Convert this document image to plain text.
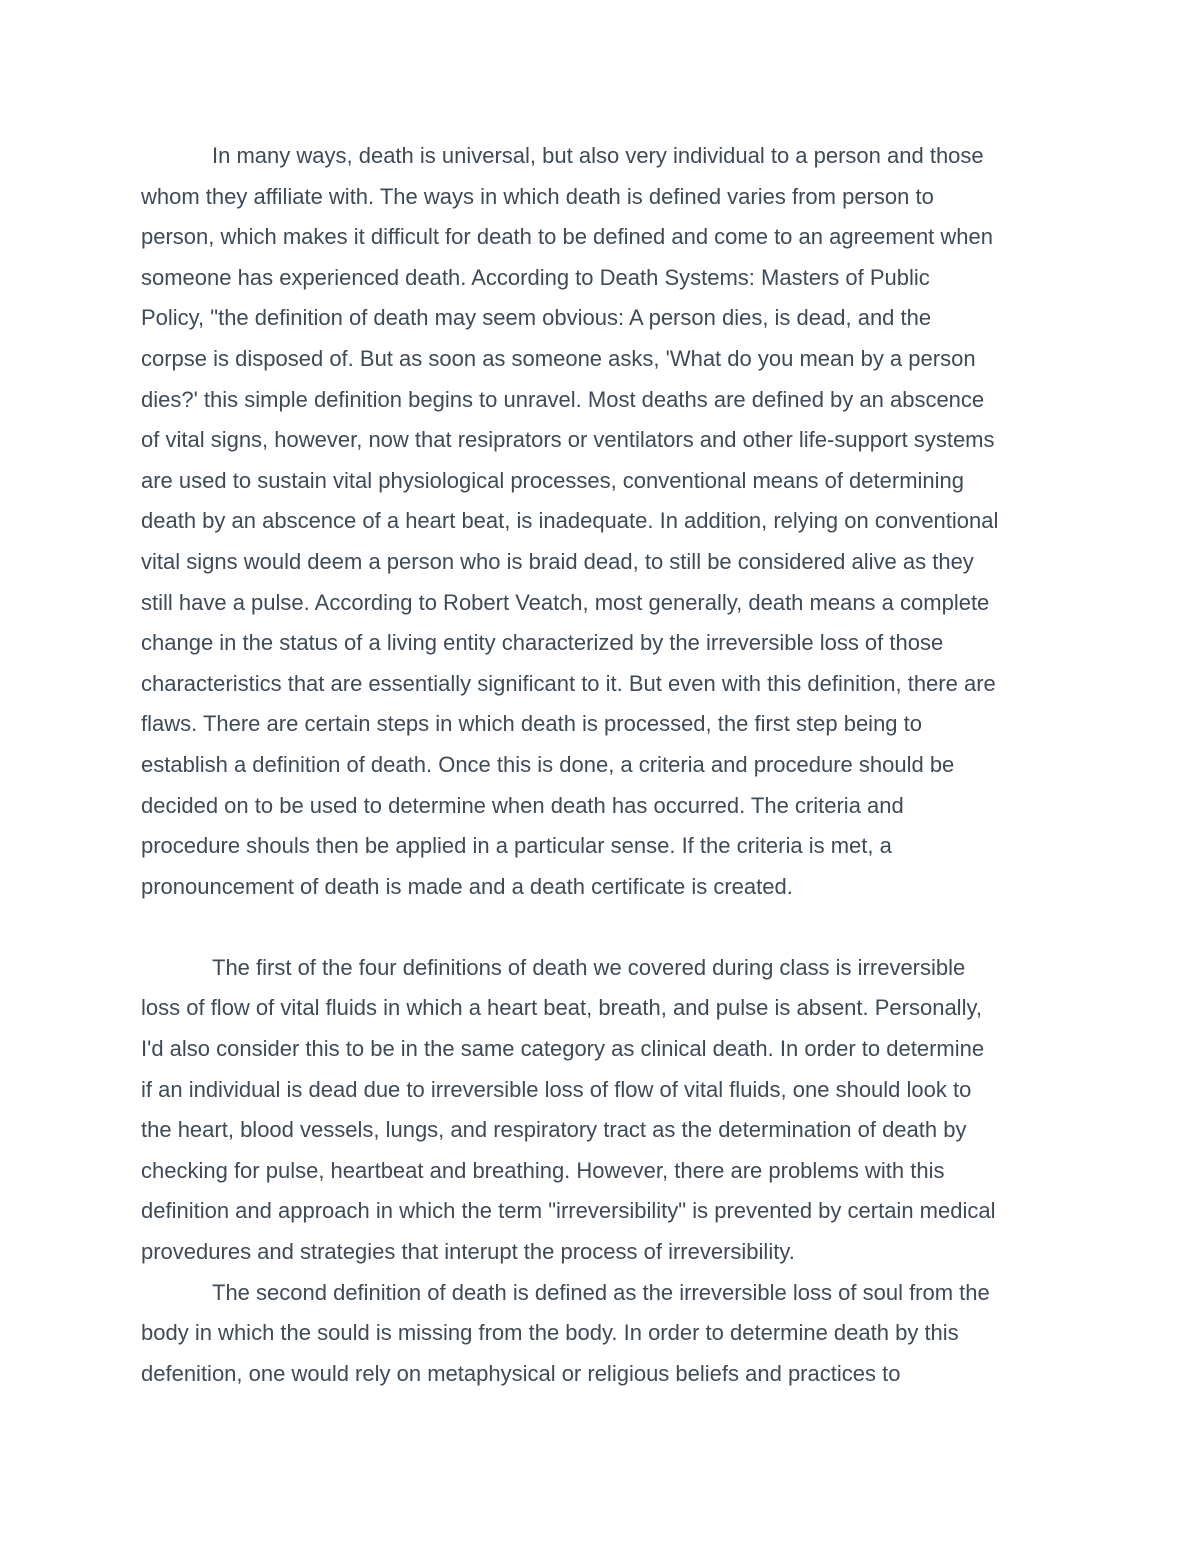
In many ways, death is universal, but also very individual to a person and those

whom they affiliate with. The ways in which death is defined varies from person to

person, which makes it difficult for death to be defined and come to an agreement when

someone has experienced death. According to Death Systems: Masters of Public

Policy, "the definition of death may seem obvious: A person dies, is dead, and the

corpse is disposed of. But as soon as someone asks, 'What do you mean by a person

dies?' this simple definition begins to unravel. Most deaths are defined by an abscence

of vital signs, however, now that resiprators or ventilators and other life-support systems

are used to sustain vital physiological processes, conventional means of determining

death by an abscence of a heart beat, is inadequate. In addition, relying on conventional

vital signs would deem a person who is braid dead, to still be considered alive as they

still have a pulse. According to Robert Veatch, most generally, death means a complete

change in the status of a living entity characterized by the irreversible loss of those

characteristics that are essentially significant to it. But even with this definition, there are

flaws. There are certain steps in which death is processed, the first step being to

establish a definition of death. Once this is done, a criteria and procedure should be

decided on to be used to determine when death has occurred. The criteria and

procedure shouls then be applied in a particular sense. If the criteria is met, a

pronouncement of death is made and a death certificate is created.

The first of the four definitions of death we covered during class is irreversible

loss of flow of vital fluids in which a heart beat, breath, and pulse is absent. Personally,

I'd also consider this to be in the same category as clinical death. In order to determine

if an individual is dead due to irreversible loss of flow of vital fluids, one should look to

the heart, blood vessels, lungs, and respiratory tract as the determination of death by

checking for pulse, heartbeat and breathing. However, there are problems with this

definition and approach in which the term "irreversibility" is prevented by certain medical

provedures and strategies that interupt the process of irreversibility.

The second definition of death is defined as the irreversible loss of soul from the

body in which the sould is missing from the body. In order to determine death by this

defenition, one would rely on metaphysical or religious beliefs and practices to
